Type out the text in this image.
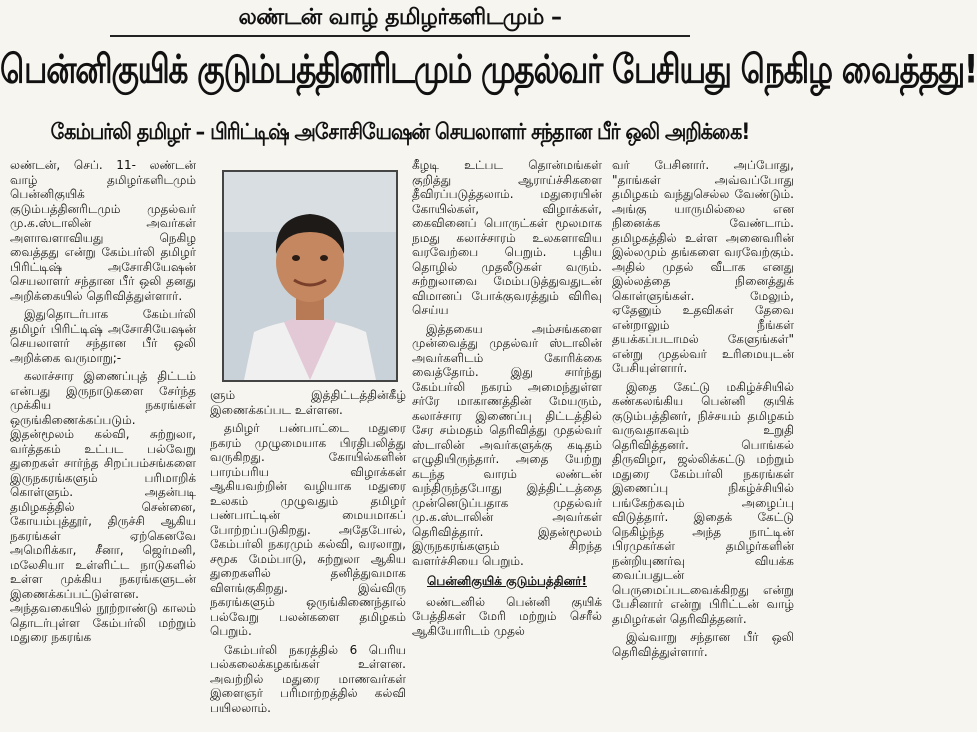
லண்டன் வாழ் தமிழர்களிடமும் –
பென்னிகுயிக் குடும்பத்தினரிடமும் முதல்வர் பேசியது நெகிழ வைத்தது!
கேம்பர்லி தமிழர் – பிரிட்டிஷ் அசோசியேஷன் செயலாளர் சந்தான பீர் ஒலி அறிக்கை!

லண்டன், செப். 11- லண்டன் வாழ் தமிழர்களிடமும் பென்னிகுயிக் குடும்பத்தினரிடமும் முதல்வர் மு.க.ஸ்டாலின் அவர்கள் அளாவளாவியது நெகிழ வைத்தது என்று கேம்பர்லி தமிழர் பிரிட்டிஷ் அசோசியேஷன் செயலாளர் சந்தான பீர் ஒலி தனது அறிக்கையில் தெரிவித்துள்ளார்.

இதுதொடர்பாக கேம்பர்லி தமிழர் பிரிட்டிஷ் அசோசியேஷன் செயலாளர் சந்தான பீர் ஒலி அறிக்கை வருமாறு;-

கலாச்சார இணைப்புத் திட்டம் என்பது இருநாடுகளை சேர்ந்த முக்கிய நகரங்கள் ஒருங்கிணைக்கப்படும். இதன்மூலம் கல்வி, சுற்றுலா, வர்த்தகம் உட்பட பல்வேறு துறைகள் சார்ந்த சிறப்பம்சங்களை இருநகரங்களும் பரிமாறிக் கொள்ளும். அதன்படி தமிழகத்தில் சென்னை, கோயம்புத்தூர், திருச்சி ஆகிய நகரங்கள் ஏற்கெனவே அமெரிக்கா, சீனா, ஜெர்மனி, மலேசியா உள்ளிட்ட நாடுகளில் உள்ள முக்கிய நகரங்களுடன் இணைக்கப்பட்டுள்ளன. அந்தவகையில் நூற்றாண்டு காலம் தொடர்புள்ள கேம்பர்லி மற்றும் மதுரை நகரங்க

ளும் இத்திட்டத்தின்கீழ் இணைக்கப்பட உள்ளன.

தமிழர் பண்பாட்டை மதுரை நகரம் முழுமையாக பிரதிபலித்து வருகிறது. கோயில்களின் பாரம்பரிய விழாக்கள் ஆகியவற்றின் வழியாக மதுரை உலகம் முழுவதும் தமிழர் பண்பாட்டின் மையமாகப் போற்றப்படுகிறது. அதேபோல், கேம்பர்லி நகரமும் கல்வி, வரலாறு, சமூக மேம்பாடு, சுற்றுலா ஆகிய துறைகளில் தனித்துவமாக விளங்குகிறது. இவ்விரு நகரங்களும் ஒருங்கிணைந்தால் பல்வேறு பலன்களை தமிழகம் பெறும்.

கேம்பர்லி நகரத்தில் 6 பெரிய பல்கலைக்கழகங்கள் உள்ளன. அவற்றில் மதுரை மாணவர்கள் இளைஞர் பரிமாற்றத்தில் கல்வி பயிலலாம்.

கீழடி உட்பட தொன்மங்கள் குறித்து ஆராய்ச்சிகளை தீவிரப்படுத்தலாம். மதுரையின் கோயில்கள், விழாக்கள், கைவினைப் பொருட்கள் மூலமாக நமது கலாச்சாரம் உலகளாவிய வரவேற்பை பெறும். புதிய தொழில் முதலீடுகள் வரும். சுற்றுலாவை மேம்படுத்துவதுடன் விமானப் போக்குவரத்தும் விரிவு செய்ய

இத்தகைய அம்சங்களை முன்வைத்து முதல்வர் ஸ்டாலின் அவர்களிடம் கோரிக்கை வைத்தோம். இது சார்ந்து கேம்பர்லி நகரம் அமைந்துள்ள சர்ரே மாகாணத்தின் மேயரும், கலாச்சார இணைப்பு திட்டத்தில் சேர சம்மதம் தெரிவித்து முதல்வர் ஸ்டாலின் அவர்களுக்கு கடிதம் எழுதியிருந்தார். அதை யேற்று கடந்த வாரம் லண்டன் வந்திருந்தபோது இத்திட்டத்தை முன்னெடுப்பதாக முதல்வர் மு.க.ஸ்டாலின் அவர்கள் தெரிவித்தார். இதன்மூலம் இருநகரங்களும் சிறந்த வளர்ச்சியை பெறும்.

பென்னிகுயிக் குடும்பத்தினர்!

லண்டனில் பென்னி குயிக் பேத்திகள் மேரி மற்றும் செரீல் ஆகியோரிடம் முதல்

வர் பேசினார். அப்போது, "தாங்கள் அவ்வப்போது தமிழகம் வந்துசெல்ல வேண்டும். அங்கு யாருமில்லை என நினைக்க வேண்டாம். தமிழகத்தில் உள்ள அனைவரின் இல்லமும் தங்களை வரவேற்கும். அதில் முதல் வீடாக எனது இல்லத்தை நினைத்துக் கொள்ளுங்கள். மேலும், ஏதேனும் உதவிகள் தேவை என்றாலும் நீங்கள் தயக்கப்படாமல் கேளுங்கள்" என்று முதல்வர் உரிமையுடன் பேசியுள்ளார்.

இதை கேட்டு மகிழ்ச்சியில் கண்கலங்கிய பென்னி குயிக் குடும்பத்தினர், நிச்சயம் தமிழகம் வருவதாகவும் உறுதி தெரிவித்தனர். பொங்கல் திருவிழா, ஜல்லிக்கட்டு மற்றும் மதுரை கேம்பர்லி நகரங்கள் இணைப்பு நிகழ்ச்சியில் பங்கேற்கவும் அழைப்பு விடுத்தார். இதைக் கேட்டு நெகிழ்ந்த அந்த நாட்டின் பிரமுகர்கள் தமிழர்களின் நன்றியுணர்வு வியக்க வைப்பதுடன் பெருமைப்படவைக்கிறது என்று பேசினார் என்று பிரிட்டன் வாழ் தமிழர்கள் தெரிவித்தனர்.

இவ்வாறு சந்தான பீர் ஒலி தெரிவித்துள்ளார்.
